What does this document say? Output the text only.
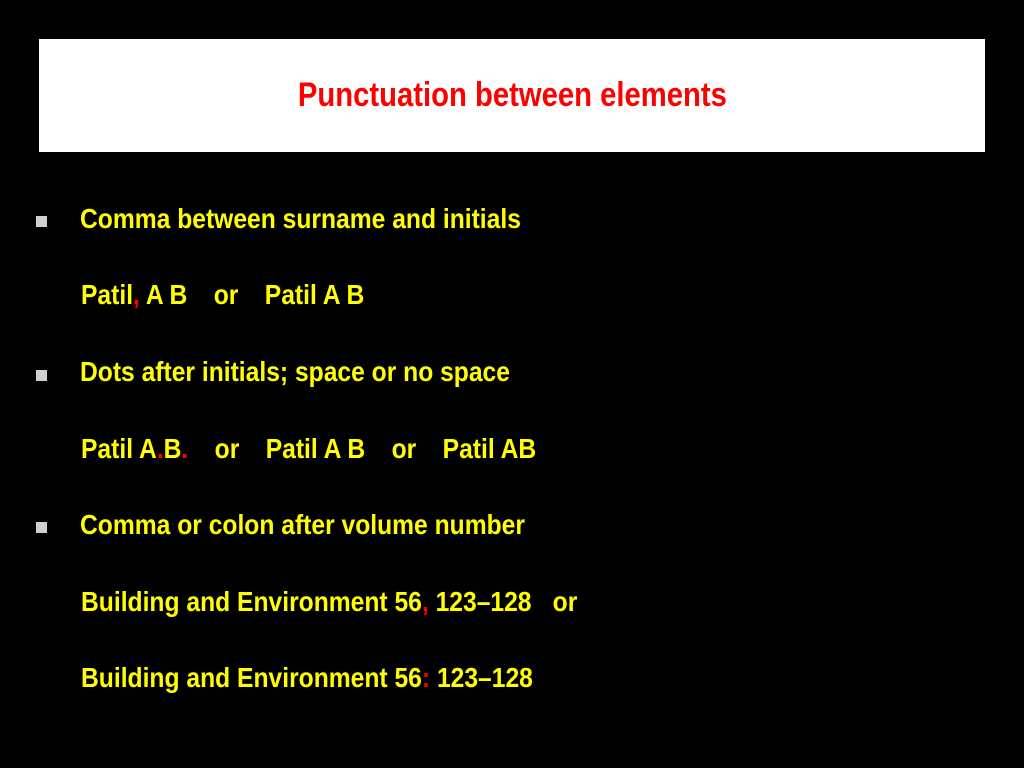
Punctuation between elements
Comma between surname and initials
Patil, A B or Patil A B
Dots after initials; space or no space
Patil A.B. or Patil A B or Patil AB
Comma or colon after volume number
Building and Environment 56, 123–128 or
Building and Environment 56: 123–128
